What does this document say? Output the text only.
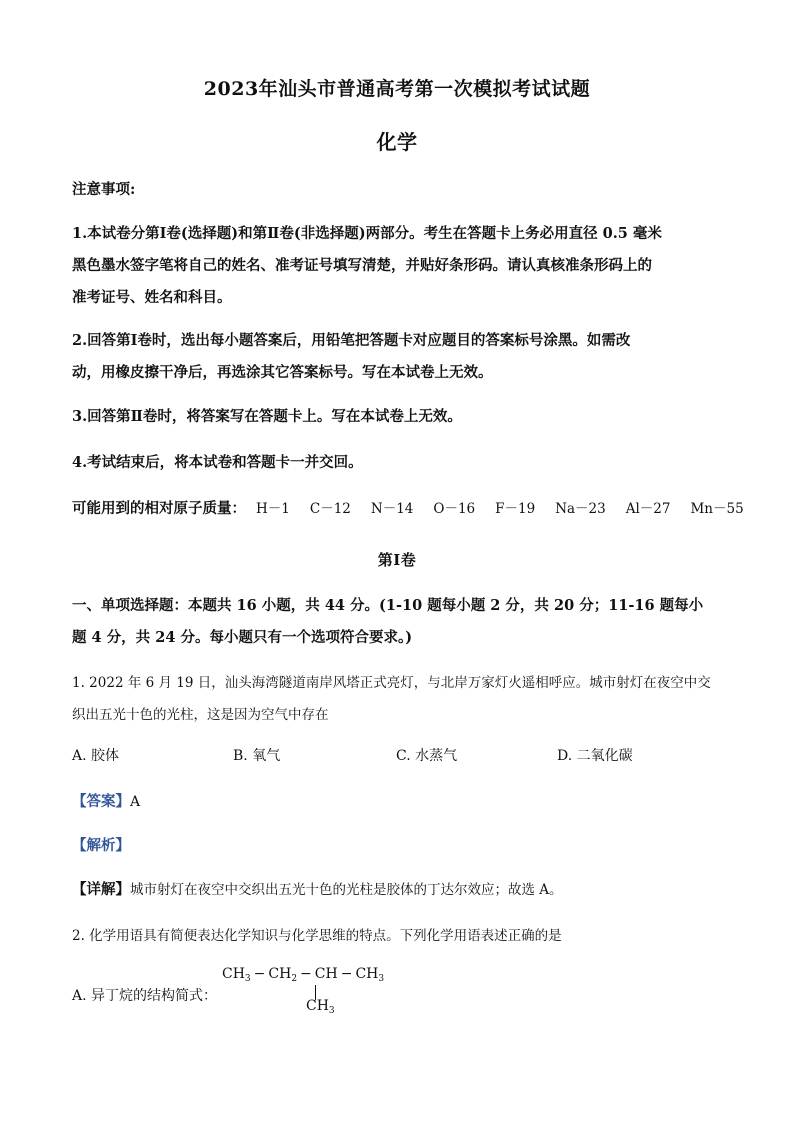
2023年汕头市普通高考第一次模拟考试试题
化学
注意事项:
1.本试卷分第Ⅰ卷(选择题)和第Ⅱ卷(非选择题)两部分。考生在答题卡上务必用直径 0.5 毫米
黑色墨水签字笔将自己的姓名、准考证号填写清楚，并贴好条形码。请认真核准条形码上的
准考证号、姓名和科目。
2.回答第Ⅰ卷时，选出每小题答案后，用铅笔把答题卡对应题目的答案标号涂黑。如需改
动，用橡皮擦干净后，再选涂其它答案标号。写在本试卷上无效。
3.回答第Ⅱ卷时，将答案写在答题卡上。写在本试卷上无效。
4.考试结束后，将本试卷和答题卡一并交回。
可能用到的相对原子质量： H－1 C－12 N－14 O－16 F－19 Na－23 Al－27 Mn－55
第Ⅰ卷
一、单项选择题：本题共 16 小题，共 44 分。(1-10 题每小题 2 分，共 20 分；11-16 题每小
题 4 分，共 24 分。每小题只有一个选项符合要求。)
1. 2022 年 6 月 19 日，汕头海湾隧道南岸风塔正式亮灯，与北岸万家灯火遥相呼应。城市射灯在夜空中交
织出五光十色的光柱，这是因为空气中存在
A. 胶体	B. 氧气	C. 水蒸气	D. 二氧化碳
【答案】A
【解析】
【详解】城市射灯在夜空中交织出五光十色的光柱是胶体的丁达尔效应；故选 A。
2. 化学用语具有简便表达化学知识与化学思维的特点。下列化学用语表述正确的是
A. 异丁烷的结构简式：
$CH_3 - CH_2$ − CH − $CH_3$
$CH_3$
